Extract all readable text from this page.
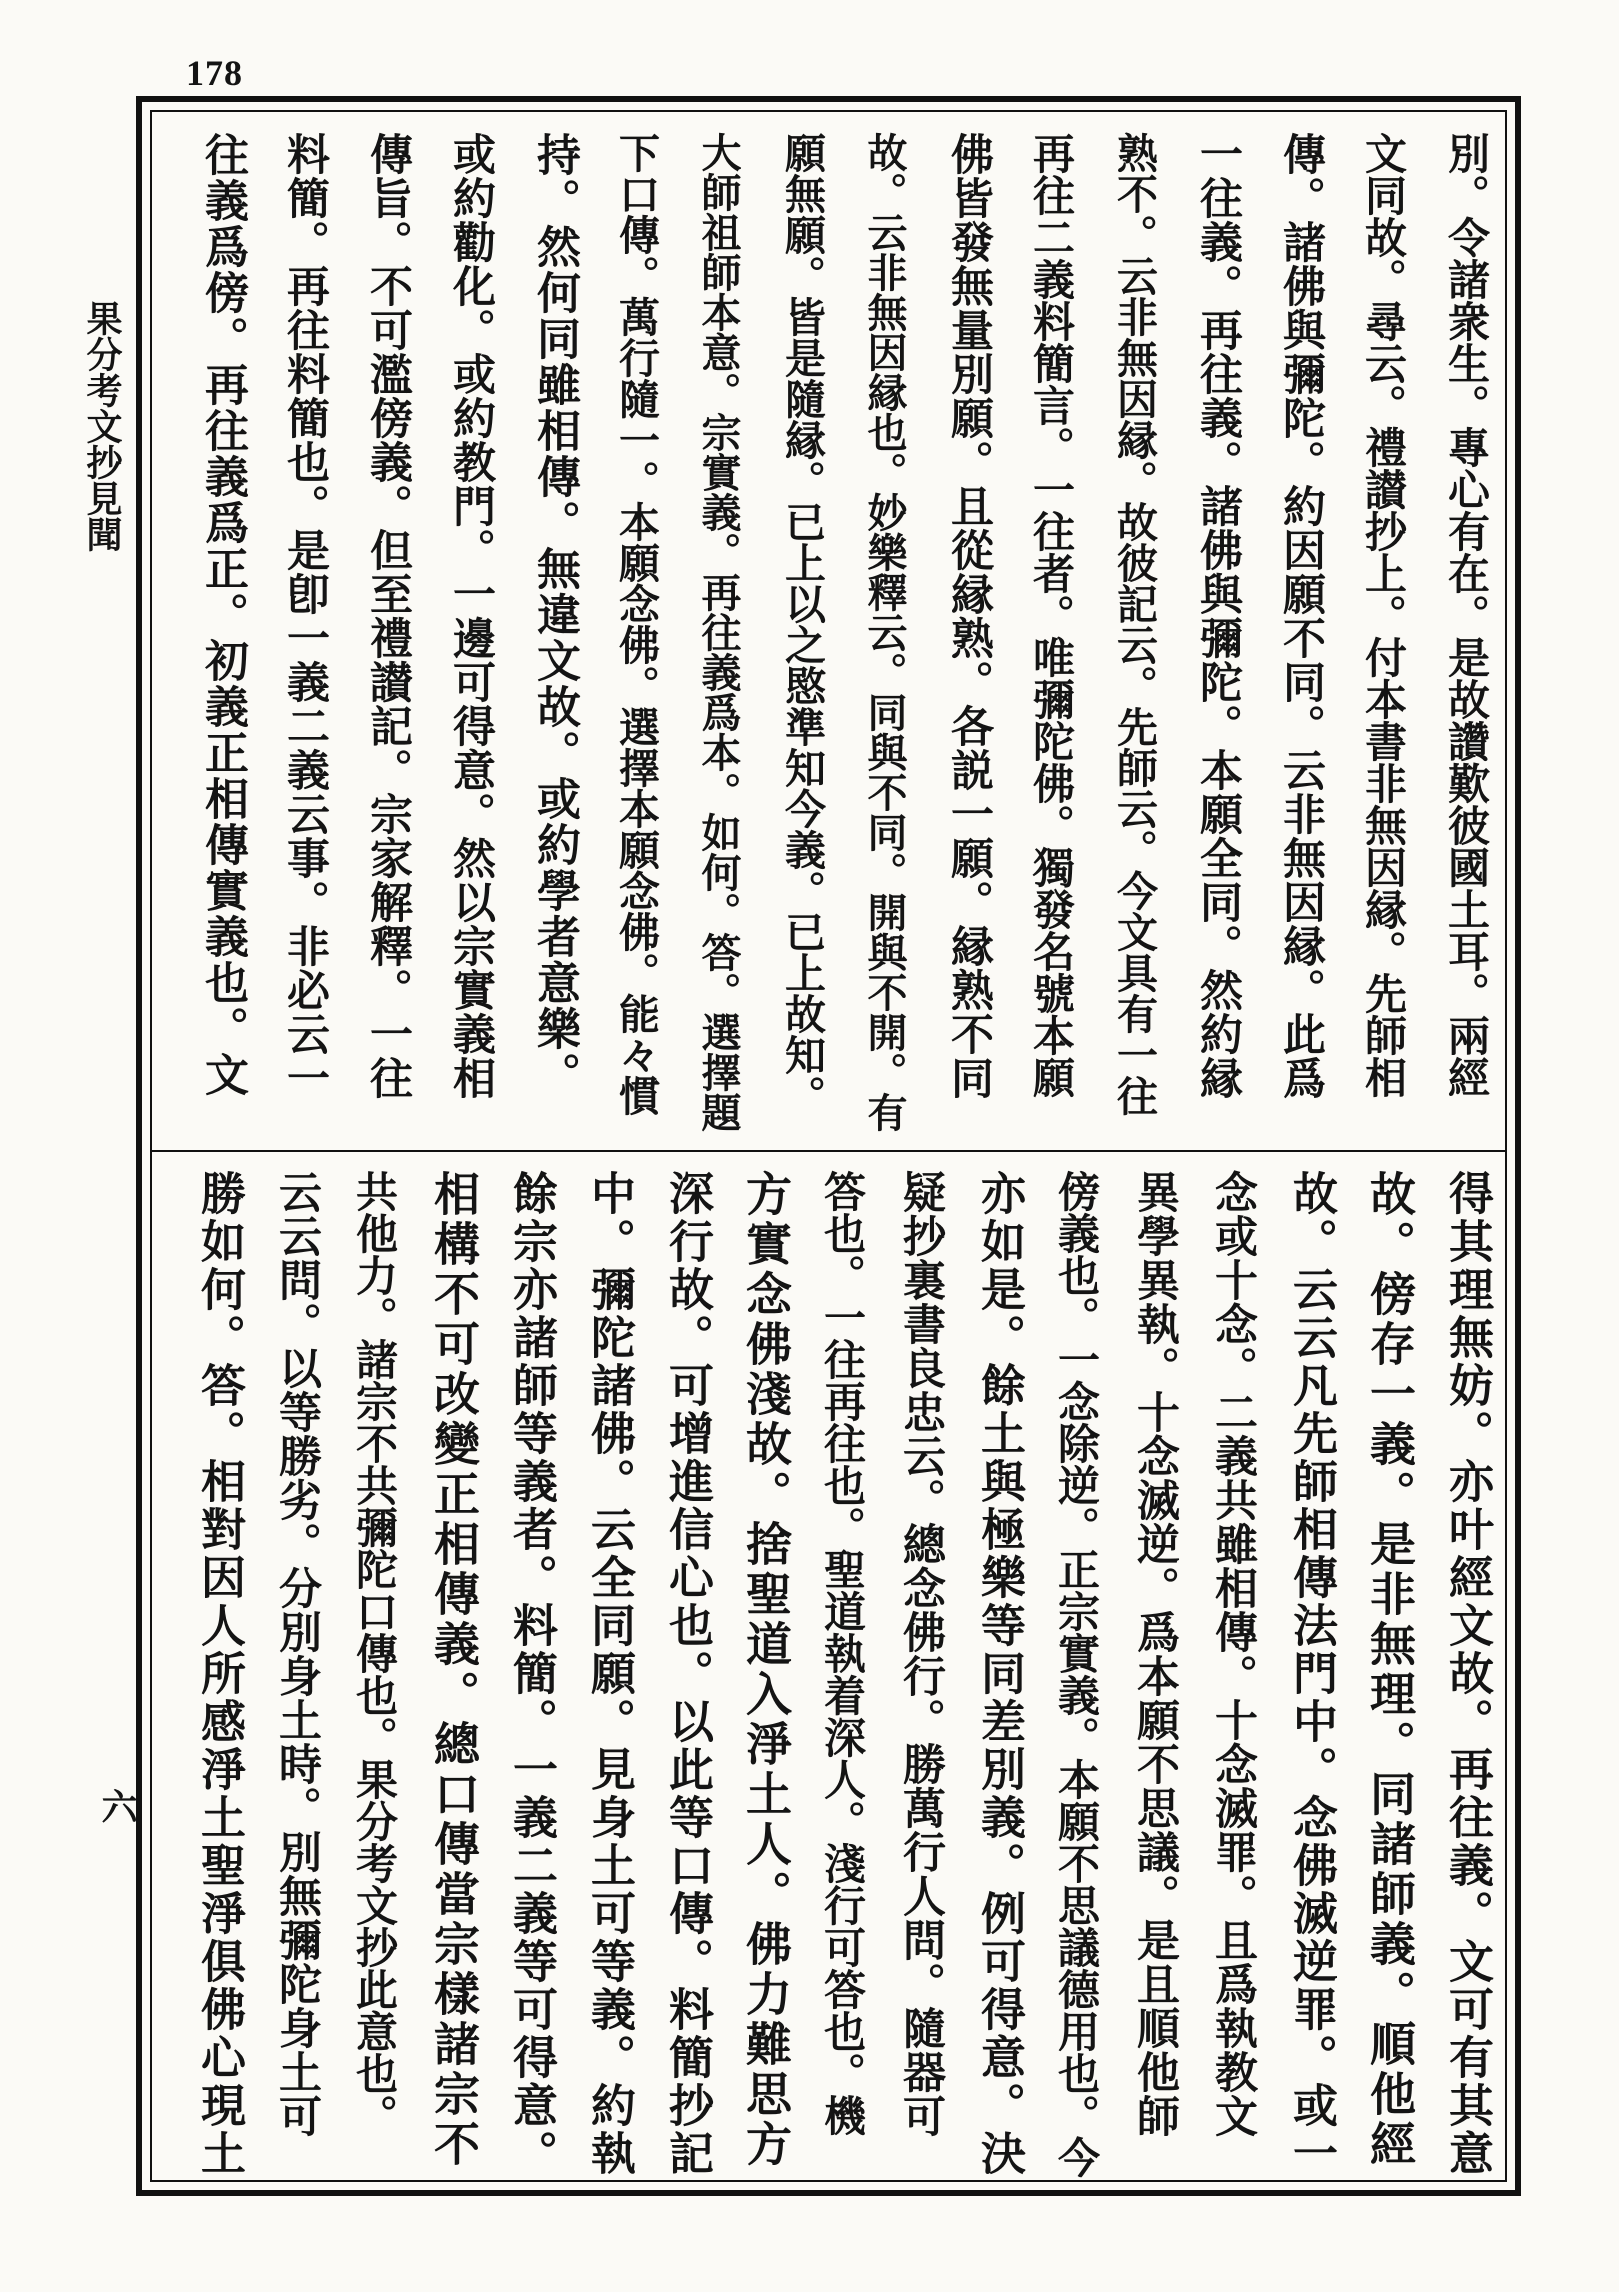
178
果分考文抄見聞
六
別。令諸衆生。專心有在。是故讚歎彼國土耳。兩經
文同故。尋云。禮讃抄上。付本書非無因縁。先師相
傳。諸佛與彌陀。約因願不同。云非無因縁。此爲
一往義。再往義。諸佛與彌陀。本願全同。然約縁
熟不。云非無因縁。故彼記云。先師云。今文具有一往
再往二義料簡言。一往者。唯彌陀佛。獨發名號本願
佛皆發無量別願。且從縁熟。各説一願。縁熟不同
故。云非無因縁也。妙樂釋云。同與不同。開與不開。有
願無願。皆是隨縁。已上以之愍準知今義。已上故知。
大師祖師本意。宗實義。再往義爲本。如何。答。選擇題
下口傳。萬行隨一。本願念佛。選擇本願念佛。能々慣
持。然何同雖相傳。無違文故。或約學者意樂。
或約勸化。或約教門。一邊可得意。然以宗實義相
傳旨。不可濫傍義。但至禮讃記。宗家解釋。一往
料簡。再往料簡也。是卽一義二義云事。非必云一
往義爲傍。再往義爲正。初義正相傳實義也。文
得其理無妨。亦叶經文故。再往義。文可有其意
故。傍存一義。是非無理。同諸師義。順他經
故。云云凡先師相傳法門中。念佛滅逆罪。或一
念或十念。二義共雖相傳。十念滅罪。且爲執教文
異學異執。十念滅逆。爲本願不思議。是且順他師
傍義也。一念除逆。正宗實義。本願不思議德用也。今
亦如是。餘土與極樂等同差別義。例可得意。決
疑抄裏書良忠云。總念佛行。勝萬行人問。隨器可
答也。一往再往也。聖道執着深人。淺行可答也。機
方實念佛淺故。捨聖道入淨土人。佛力難思方
深行故。可增進信心也。以此等口傳。料簡抄記
中。彌陀諸佛。云全同願。見身土可等義。約執
餘宗亦諸師等義者。料簡。一義二義等可得意。
相構不可改變正相傳義。總口傳當宗樣諸宗不
共他力。諸宗不共彌陀口傳也。果分考文抄此意也。
云云問。以等勝劣。分別身土時。別無彌陀身土可
勝如何。答。相對因人所感淨土聖淨俱佛心現土
